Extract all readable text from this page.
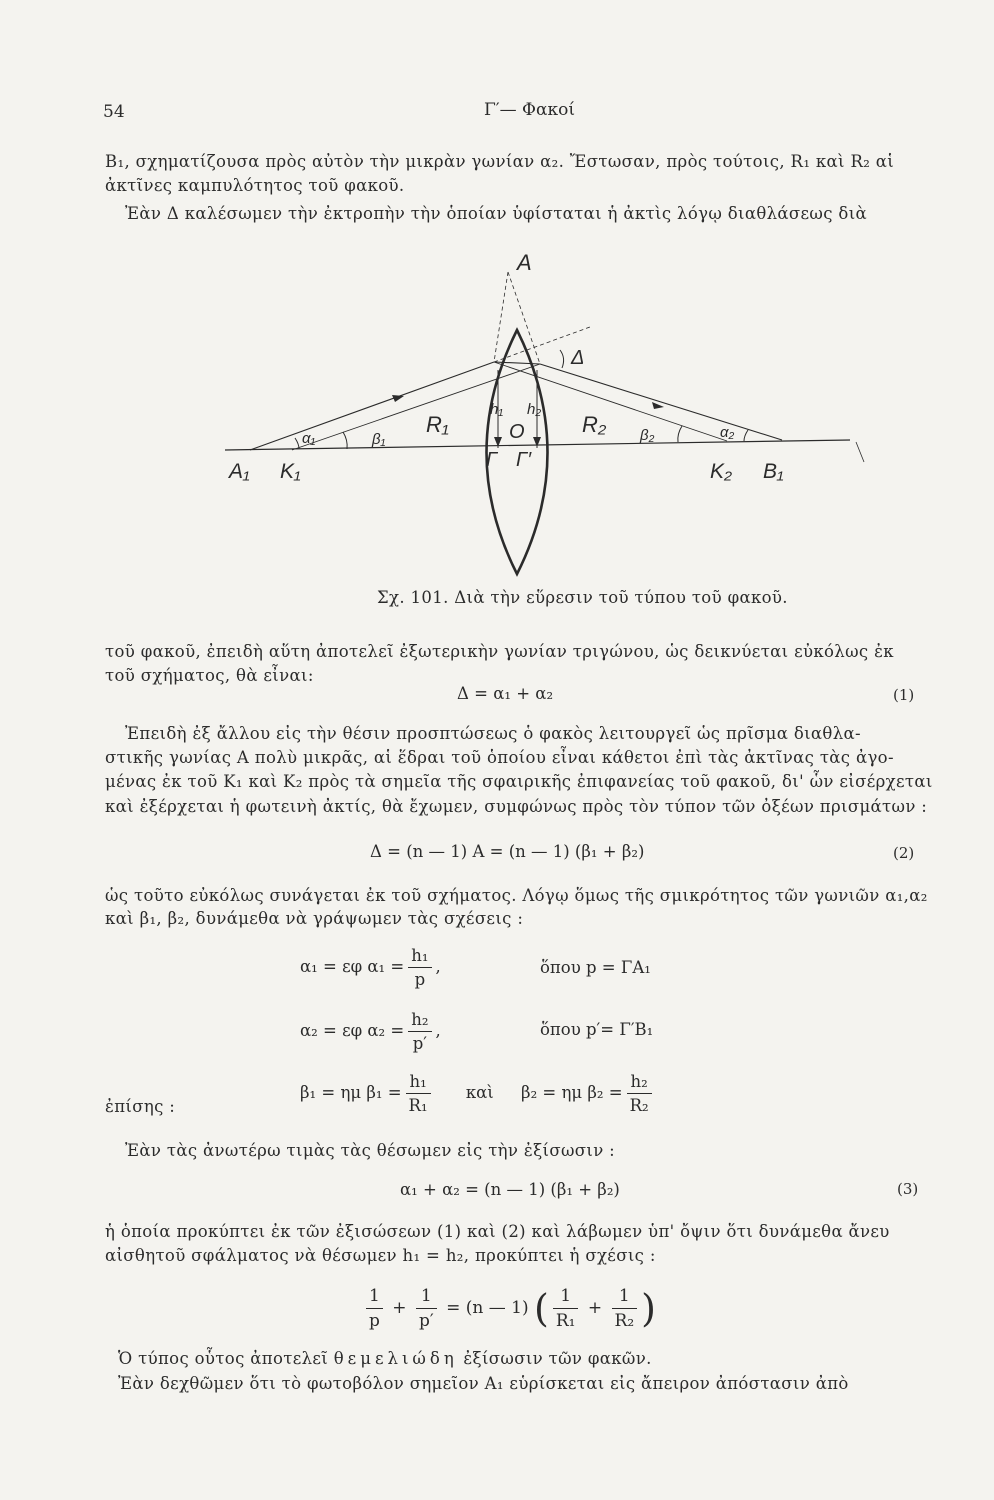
54	Γ′— Φακοί
B₁, σχηματίζουσα πρὸς αὐτὸν τὴν μικρὰν γωνίαν α₂. Ἔστωσαν, πρὸς τούτοις, R₁ καὶ R₂ αἱ
ἀκτῖνες καμπυλότητος τοῦ φακοῦ.
Ἐὰν Δ καλέσωμεν τὴν ἐκτροπὴν τὴν ὁποίαν ὑφίσταται ἡ ἀκτὶς λόγῳ διαθλάσεως διὰ
A
Δ
A₁ K₁
α₁	β₁
R₁
h₁ h₂
O
Γ Γ′
R₂ β₂	α₂
K₂ B₁
Σχ. 101. Διὰ τὴν εὕρεσιν τοῦ τύπου τοῦ φακοῦ.
τοῦ φακοῦ, ἐπειδὴ αὕτη ἀποτελεῖ ἐξωτερικὴν γωνίαν τριγώνου, ὡς δεικνύεται εὐκόλως ἐκ
τοῦ σχήματος, θὰ εἶναι:
Δ = α₁ + α₂	(1)
Ἐπειδὴ ἐξ ἄλλου εἰς τὴν θέσιν προσπτώσεως ὁ φακὸς λειτουργεῖ ὡς πρῖσμα διαθλα-
στικῆς γωνίας A πολὺ μικρᾶς, αἱ ἕδραι τοῦ ὁποίου εἶναι κάθετοι ἐπὶ τὰς ἀκτῖνας τὰς ἀγο-
μένας ἐκ τοῦ K₁ καὶ K₂ πρὸς τὰ σημεῖα τῆς σφαιρικῆς ἐπιφανείας τοῦ φακοῦ, δι' ὧν εἰσέρχεται
καὶ ἐξέρχεται ἡ φωτεινὴ ἀκτίς, θὰ ἔχωμεν, συμφώνως πρὸς τὸν τύπον τῶν ὀξέων πρισμάτων :
Δ = (n — 1) A = (n — 1) (β₁ + β₂)	(2)
ὡς τοῦτο εὐκόλως συνάγεται ἐκ τοῦ σχήματος. Λόγῳ ὅμως τῆς σμικρότητος τῶν γωνιῶν α₁,α₂
καὶ β₁, β₂, δυνάμεθα νὰ γράψωμεν τὰς σχέσεις :
α₁ = εφ $\alpha_1 = \frac{\text{h₁}}{p}$ ,	ὅπου p = ΓA₁
α₂ = εφ $\alpha_2 = \frac{\text{h₂}}{p'}$ ,	ὅπου p′= Γ′B₁
ἐπίσης :
β₁ = ημ $\beta_1 = \frac{\text{h₁}}{\text{R₁}}$ καὶ β₂ = ημ $\beta_2 = \frac{\text{h₂}}{\text{R₂}}$
Ἐὰν τὰς ἀνωτέρω τιμὰς τὰς θέσωμεν εἰς τὴν ἐξίσωσιν :
α₁ + α₂ = (n — 1) (β₁ + β₂)	(3)
ἡ ὁποία προκύπτει ἐκ τῶν ἐξισώσεων (1) καὶ (2) καὶ λάβωμεν ὑπ' ὄψιν ὅτι δυνάμεθα ἄνευ
αἰσθητοῦ σφάλματος νὰ θέσωμεν h₁ = h₂, προκύπτει ἡ σχέσις :
$\frac{1}{p} + \frac{1}{p'} = (n$ — 1) ( $\frac{1}{\text{R₁}} + \frac{1}{\text{R₂}}$ )
Ὁ τύπος οὗτος ἀποτελεῖ θεμελιώδη ἐξίσωσιν τῶν φακῶν.
Ἐὰν δεχθῶμεν ὅτι τὸ φωτοβόλον σημεῖον A₁ εὑρίσκεται εἰς ἄπειρον ἀπόστασιν ἀπὸ
